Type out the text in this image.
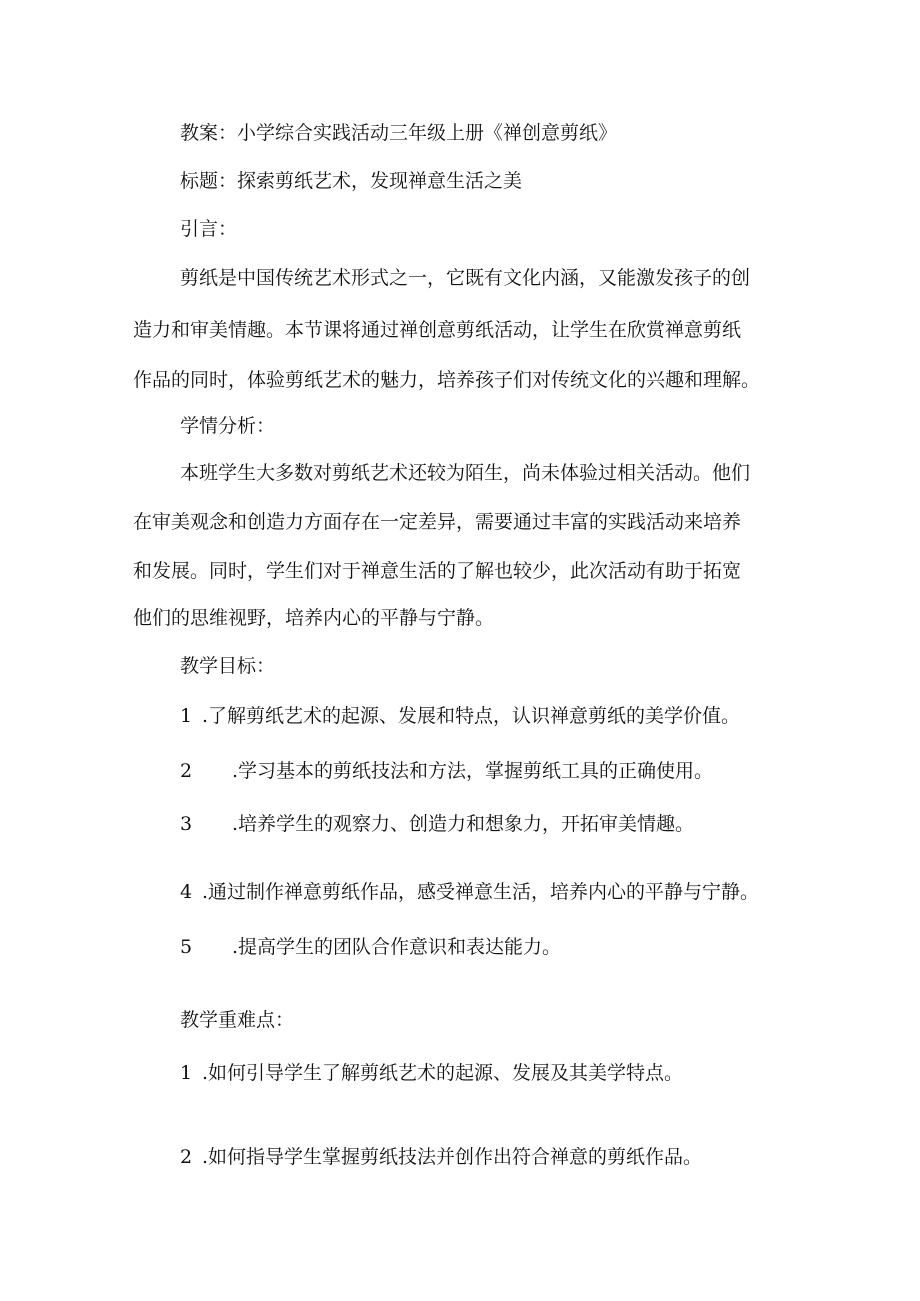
教案：小学综合实践活动三年级上册《禅创意剪纸》

标题：探索剪纸艺术，发现禅意生活之美

引言：

剪纸是中国传统艺术形式之一，它既有文化内涵，又能激发孩子的创

造力和审美情趣。本节课将通过禅创意剪纸活动，让学生在欣赏禅意剪纸

作品的同时，体验剪纸艺术的魅力，培养孩子们对传统文化的兴趣和理解。

学情分析：

本班学生大多数对剪纸艺术还较为陌生，尚未体验过相关活动。他们

在审美观念和创造力方面存在一定差异，需要通过丰富的实践活动来培养

和发展。同时，学生们对于禅意生活的了解也较少，此次活动有助于拓宽

他们的思维视野，培养内心的平静与宁静。

教学目标：

1 .了解剪纸艺术的起源、发展和特点，认识禅意剪纸的美学价值。

2 .学习基本的剪纸技法和方法，掌握剪纸工具的正确使用。

3 .培养学生的观察力、创造力和想象力，开拓审美情趣。

4 .通过制作禅意剪纸作品，感受禅意生活，培养内心的平静与宁静。

5 .提高学生的团队合作意识和表达能力。

教学重难点：

1 .如何引导学生了解剪纸艺术的起源、发展及其美学特点。

2 .如何指导学生掌握剪纸技法并创作出符合禅意的剪纸作品。
